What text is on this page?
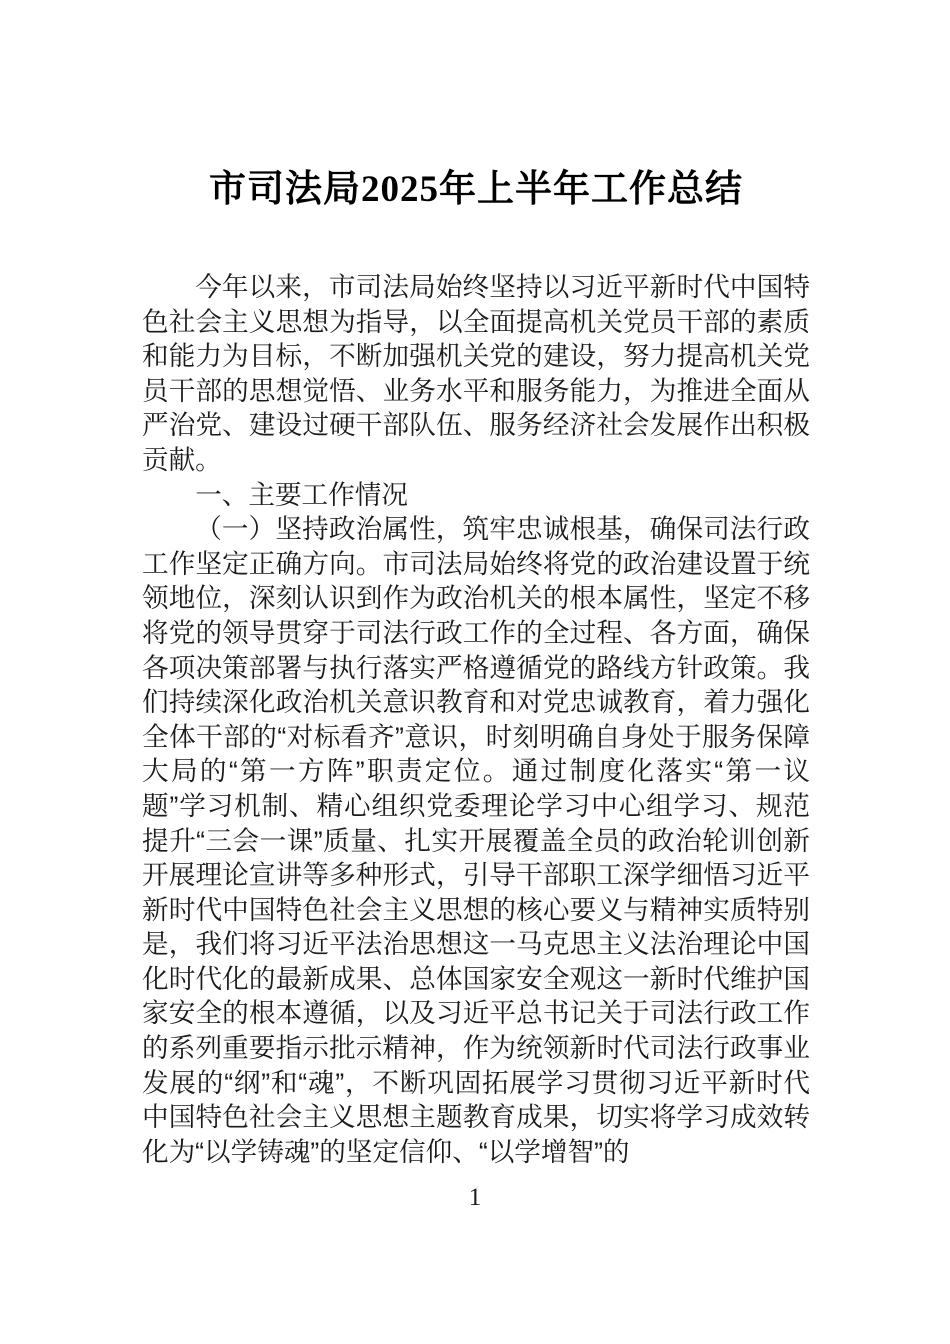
市司法局2025年上半年工作总结

今年以来，市司法局始终坚持以习近平新时代中国特色社会主义思想为指导，以全面提高机关党员干部的素质和能力为目标，不断加强机关党的建设，努力提高机关党员干部的思想觉悟、业务水平和服务能力，为推进全面从严治党、建设过硬干部队伍、服务经济社会发展作出积极贡献。

一、主要工作情况

（一）坚持政治属性，筑牢忠诚根基，确保司法行政工作坚定正确方向。市司法局始终将党的政治建设置于统领地位，深刻认识到作为政治机关的根本属性，坚定不移将党的领导贯穿于司法行政工作的全过程、各方面，确保各项决策部署与执行落实严格遵循党的路线方针政策。我们持续深化政治机关意识教育和对党忠诚教育，着力强化全体干部的“对标看齐”意识，时刻明确自身处于服务保障大局的“第一方阵”职责定位。通过制度化落实“第一议题”学习机制、精心组织党委理论学习中心组学习、规范提升“三会一课”质量、扎实开展覆盖全员的政治轮训创新开展理论宣讲等多种形式，引导干部职工深学细悟习近平新时代中国特色社会主义思想的核心要义与精神实质特别是，我们将习近平法治思想这一马克思主义法治理论中国化时代化的最新成果、总体国家安全观这一新时代维护国家安全的根本遵循，以及习近平总书记关于司法行政工作的系列重要指示批示精神，作为统领新时代司法行政事业发展的“纲”和“魂”，不断巩固拓展学习贯彻习近平新时代中国特色社会主义思想主题教育成果，切实将学习成效转化为“以学铸魂”的坚定信仰、“以学增智”的

1
